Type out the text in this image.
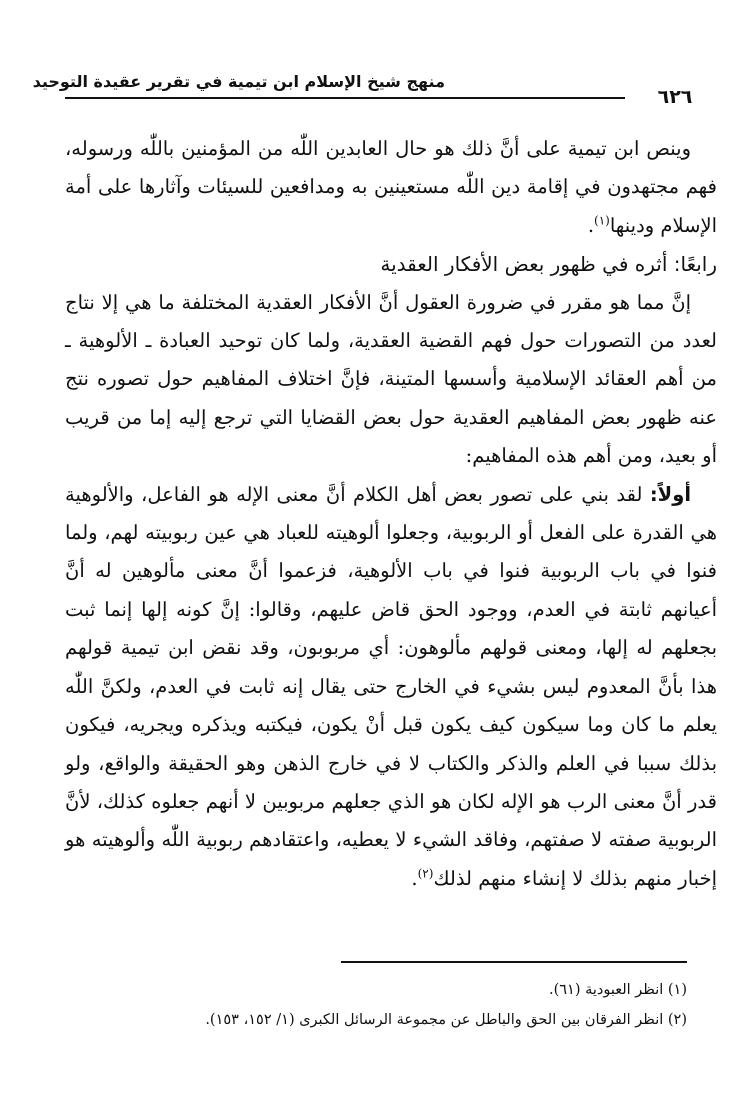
منهج شيخ الإسلام ابن تيمية في تقرير عقيدة التوحيد
٦٢٦

وينص ابن تيمية على أنَّ ذلك هو حال العابدين اللّٰه من المؤمنين باللّٰه ورسوله، فهم مجتهدون في إقامة دين اللّٰه مستعينين به ومدافعين للسيئات وآثارها على أمة الإسلام ودينها$^{(١)}$.

رابعًا: أثره في ظهور بعض الأفكار العقدية

إنَّ مما هو مقرر في ضرورة العقول أنَّ الأفكار العقدية المختلفة ما هي إلا نتاج لعدد من التصورات حول فهم القضية العقدية، ولما كان توحيد العبادة ـ الألوهية ـ من أهم العقائد الإسلامية وأسسها المتينة، فإنَّ اختلاف المفاهيم حول تصوره نتج عنه ظهور بعض المفاهيم العقدية حول بعض القضايا التي ترجع إليه إما من قريب أو بعيد، ومن أهم هذه المفاهيم:

أولاً: لقد بني على تصور بعض أهل الكلام أنَّ معنى الإله هو الفاعل، والألوهية هي القدرة على الفعل أو الربوبية، وجعلوا ألوهيته للعباد هي عين ربوبيته لهم، ولما فنوا في باب الربوبية فنوا في باب الألوهية، فزعموا أنَّ معنى مألوهين له أنَّ أعيانهم ثابتة في العدم، ووجود الحق قاض عليهم، وقالوا: إنَّ كونه إلها إنما ثبت بجعلهم له إلها، ومعنى قولهم مألوهون: أي مربوبون، وقد نقض ابن تيمية قولهم هذا بأنَّ المعدوم ليس بشيء في الخارج حتى يقال إنه ثابت في العدم، ولكنَّ اللّٰه يعلم ما كان وما سيكون كيف يكون قبل أنْ يكون، فيكتبه ويذكره ويجريه، فيكون بذلك سببا في العلم والذكر والكتاب لا في خارج الذهن وهو الحقيقة والواقع، ولو قدر أنَّ معنى الرب هو الإله لكان هو الذي جعلهم مربوبين لا أنهم جعلوه كذلك، لأنَّ الربوبية صفته لا صفتهم، وفاقد الشيء لا يعطيه، واعتقادهم ربوبية اللّٰه وألوهيته هو إخبار منهم بذلك لا إنشاء منهم لذلك$^{(٢)}$.

(١) انظر العبودية (٦١).
(٢) انظر الفرقان بين الحق والباطل عن مجموعة الرسائل الكبرى (١/ ١٥٢، ١٥٣).
